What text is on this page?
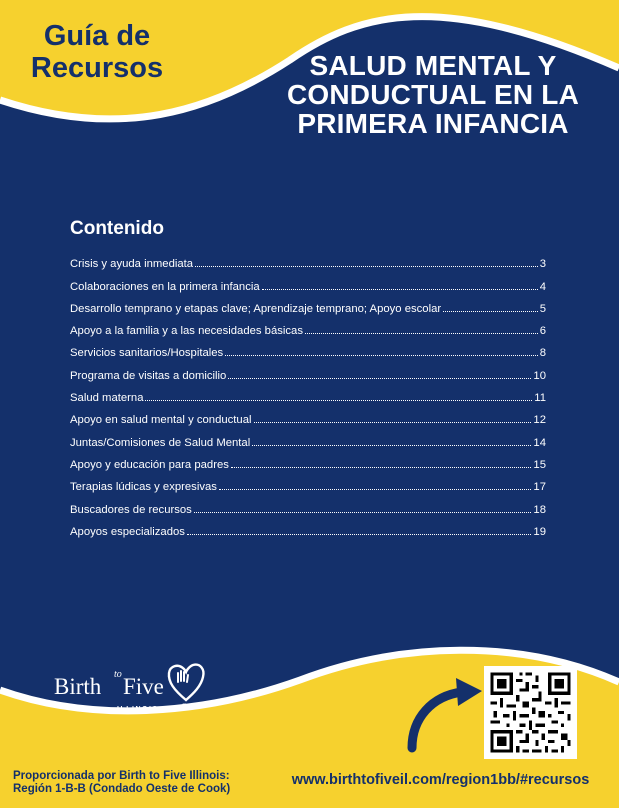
Guía de Recursos	SALUD MENTAL Y CONDUCTUAL EN LA PRIMERA INFANCIA
Contenido
Crisis y ayuda inmediata	3
Colaboraciones en la primera infancia	4
Desarrollo temprano y etapas clave; Aprendizaje temprano; Apoyo escolar	5
Apoyo a la familia y a las necesidades básicas	6
Servicios sanitarios/Hospitales	8
Programa de visitas a domicilio	10
Salud materna	11
Apoyo en salud mental y conductual	12
Juntas/Comisiones de Salud Mental	14
Apoyo y educación para padres	15
Terapias lúdicas y expresivas	17
Buscadores de recursos	18
Apoyos especializados	19
Birth to Five
ILLINOIS	®
Proporcionada por Birth to Five Illinois: Región 1-B-B (Condado Oeste de Cook)
www.birthtofiveil.com/region1bb/#recursos
